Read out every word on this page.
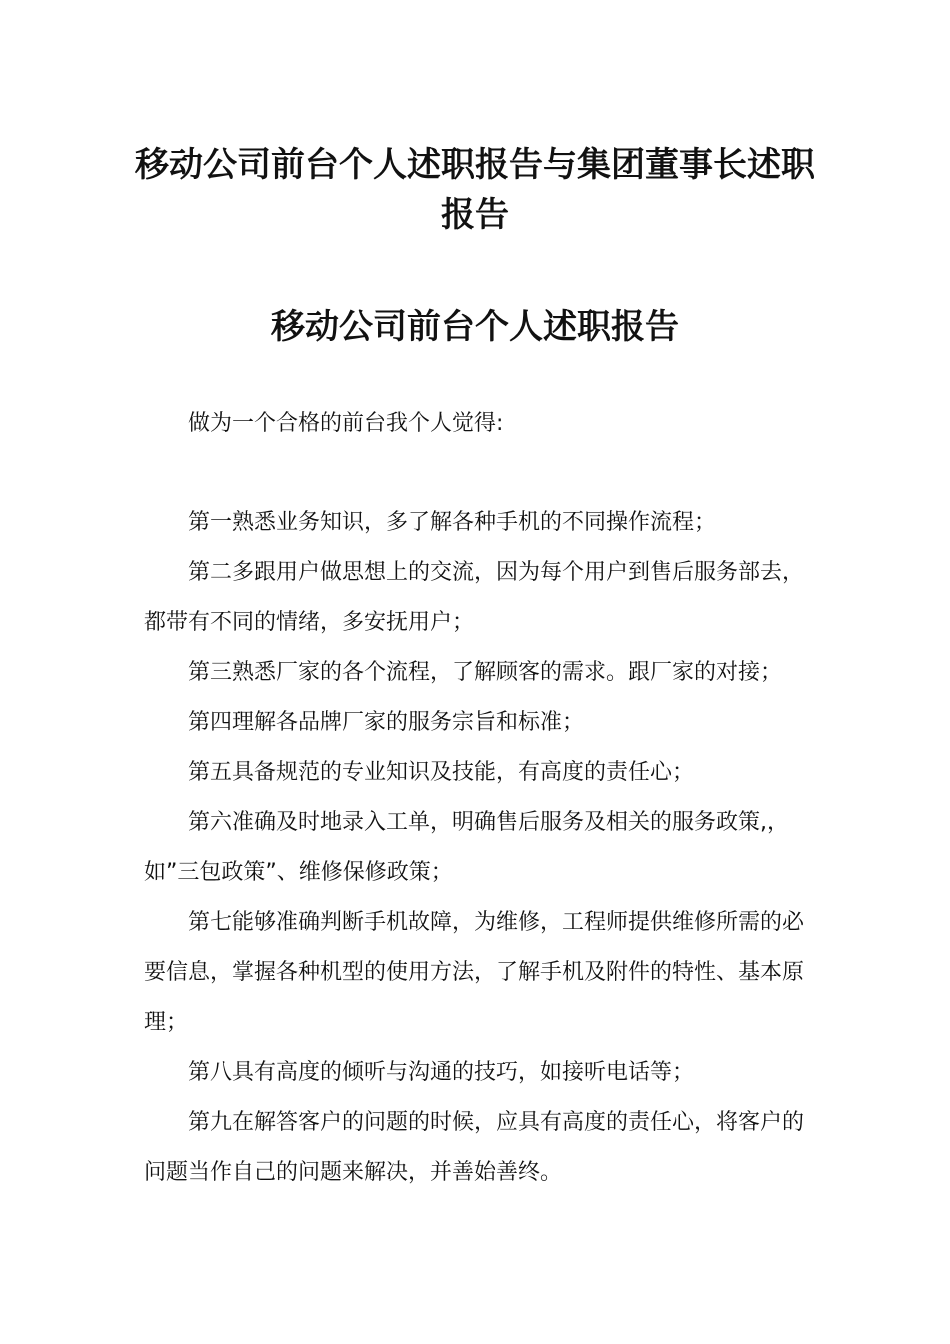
移动公司前台个人述职报告与集团董事长述职报告
移动公司前台个人述职报告

做为一个合格的前台我个人觉得:

第一熟悉业务知识，多了解各种手机的不同操作流程；

第二多跟用户做思想上的交流，因为每个用户到售后服务部去，都带有不同的情绪，多安抚用户；

第三熟悉厂家的各个流程，了解顾客的需求。跟厂家的对接；

第四理解各品牌厂家的服务宗旨和标准；

第五具备规范的专业知识及技能，有高度的责任心；

第六准确及时地录入工单，明确售后服务及相关的服务政策,，如”三包政策”、维修保修政策；

第七能够准确判断手机故障，为维修，工程师提供维修所需的必要信息，掌握各种机型的使用方法，了解手机及附件的特性、基本原理；

第八具有高度的倾听与沟通的技巧，如接听电话等；

第九在解答客户的问题的时候，应具有高度的责任心，将客户的问题当作自己的问题来解决，并善始善终。
